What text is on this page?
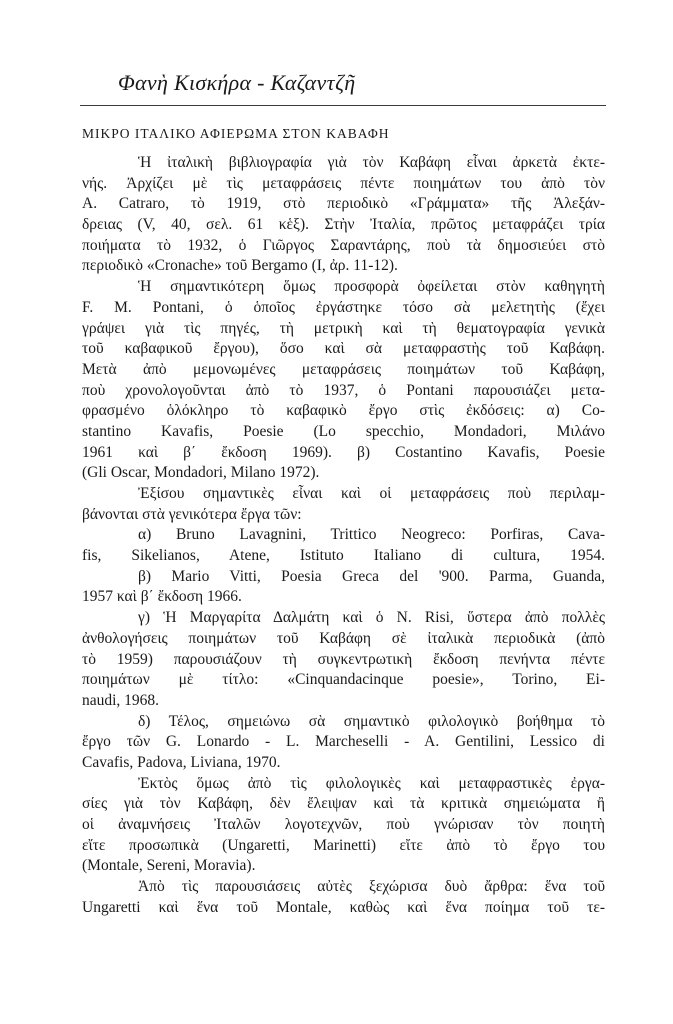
Φανὴ Κισκήρα - Καζαντζῆ
ΜΙΚΡΟ ΙΤΑΛΙΚΟ ΑΦΙΕΡΩΜΑ ΣΤΟΝ ΚΑΒΑΦΗ
Ἡ ἰταλικὴ βιβλιογραφία γιὰ τὸν Καβάφη εἶναι ἀρκετὰ ἐκτε-
νής. Ἀρχίζει μὲ τὶς μεταφράσεις πέντε ποιημάτων του ἀπὸ τὸν
A. Catraro, τὸ 1919, στὸ περιοδικὸ «Γράμματα» τῆς Ἀλεξάν-
δρειας (V, 40, σελ. 61 κἑξ). Στὴν Ἰταλία, πρῶτος μεταφράζει τρία
ποιήματα τὸ 1932, ὁ Γιῶργος Σαραντάρης, ποὺ τὰ δημοσιεύει στὸ
περιοδικὸ «Cronache» τοῦ Bergamo (I, ἀρ. 11-12).
Ἡ σημαντικότερη ὅμως προσφορὰ ὀφείλεται στὸν καθηγητὴ
F. M. Pontani, ὁ ὁποῖος ἐργάστηκε τόσο σὰ μελετητὴς (ἔχει
γράψει γιὰ τὶς πηγές, τὴ μετρικὴ καὶ τὴ θεματογραφία γενικὰ
τοῦ καβαφικοῦ ἔργου), ὅσο καὶ σὰ μεταφραστὴς τοῦ Καβάφη.
Μετὰ ἀπὸ μεμονωμένες μεταφράσεις ποιημάτων τοῦ Καβάφη,
ποὺ χρονολογοῦνται ἀπὸ τὸ 1937, ὁ Pontani παρουσιάζει μετα-
φρασμένο ὁλόκληρο τὸ καβαφικὸ ἔργο στὶς ἐκδόσεις: α) Co-
stantino Kavafis, Poesie (Lo specchio, Mondadori, Μιλάνο
1961 καὶ β΄ ἔκδοση 1969). β) Costantino Kavafis, Poesie
(Gli Oscar, Mondadori, Milano 1972).
Ἐξίσου σημαντικὲς εἶναι καὶ οἱ μεταφράσεις ποὺ περιλαμ-
βάνονται στὰ γενικότερα ἔργα τῶν:
α) Bruno Lavagnini, Trittico Neogreco: Porfiras, Cava-
fis, Sikelianos, Atene, Istituto Italiano di cultura, 1954.
β) Mario Vitti, Poesia Greca del '900. Parma, Guanda,
1957 καὶ β΄ ἔκδοση 1966.
γ) Ἡ Μαργαρίτα Δαλμάτη καὶ ὁ N. Risi, ὕστερα ἀπὸ πολλὲς
ἀνθολογήσεις ποιημάτων τοῦ Καβάφη σὲ ἰταλικὰ περιοδικὰ (ἀπὸ
τὸ 1959) παρουσιάζουν τὴ συγκεντρωτικὴ ἔκδοση πενήντα πέντε
ποιημάτων μὲ τίτλο: «Cinquandacinque poesie», Torino, Ei-
naudi, 1968.
δ) Τέλος, σημειώνω σὰ σημαντικὸ φιλολογικὸ βοήθημα τὸ
ἔργο τῶν G. Lonardo - L. Marcheselli - A. Gentilini, Lessico di
Cavafis, Padova, Liviana, 1970.
Ἐκτὸς ὅμως ἀπὸ τὶς φιλολογικὲς καὶ μεταφραστικὲς ἐργα-
σίες γιὰ τὸν Καβάφη, δὲν ἔλειψαν καὶ τὰ κριτικὰ σημειώματα ἢ
οἱ ἀναμνήσεις Ἰταλῶν λογοτεχνῶν, ποὺ γνώρισαν τὸν ποιητὴ
εἴτε προσωπικὰ (Ungaretti, Marinetti) εἴτε ἀπὸ τὸ ἔργο του
(Montale, Sereni, Moravia).
Ἀπὸ τὶς παρουσιάσεις αὐτὲς ξεχώρισα δυὸ ἄρθρα: ἕνα τοῦ
Ungaretti καὶ ἕνα τοῦ Montale, καθὼς καὶ ἕνα ποίημα τοῦ τε-
